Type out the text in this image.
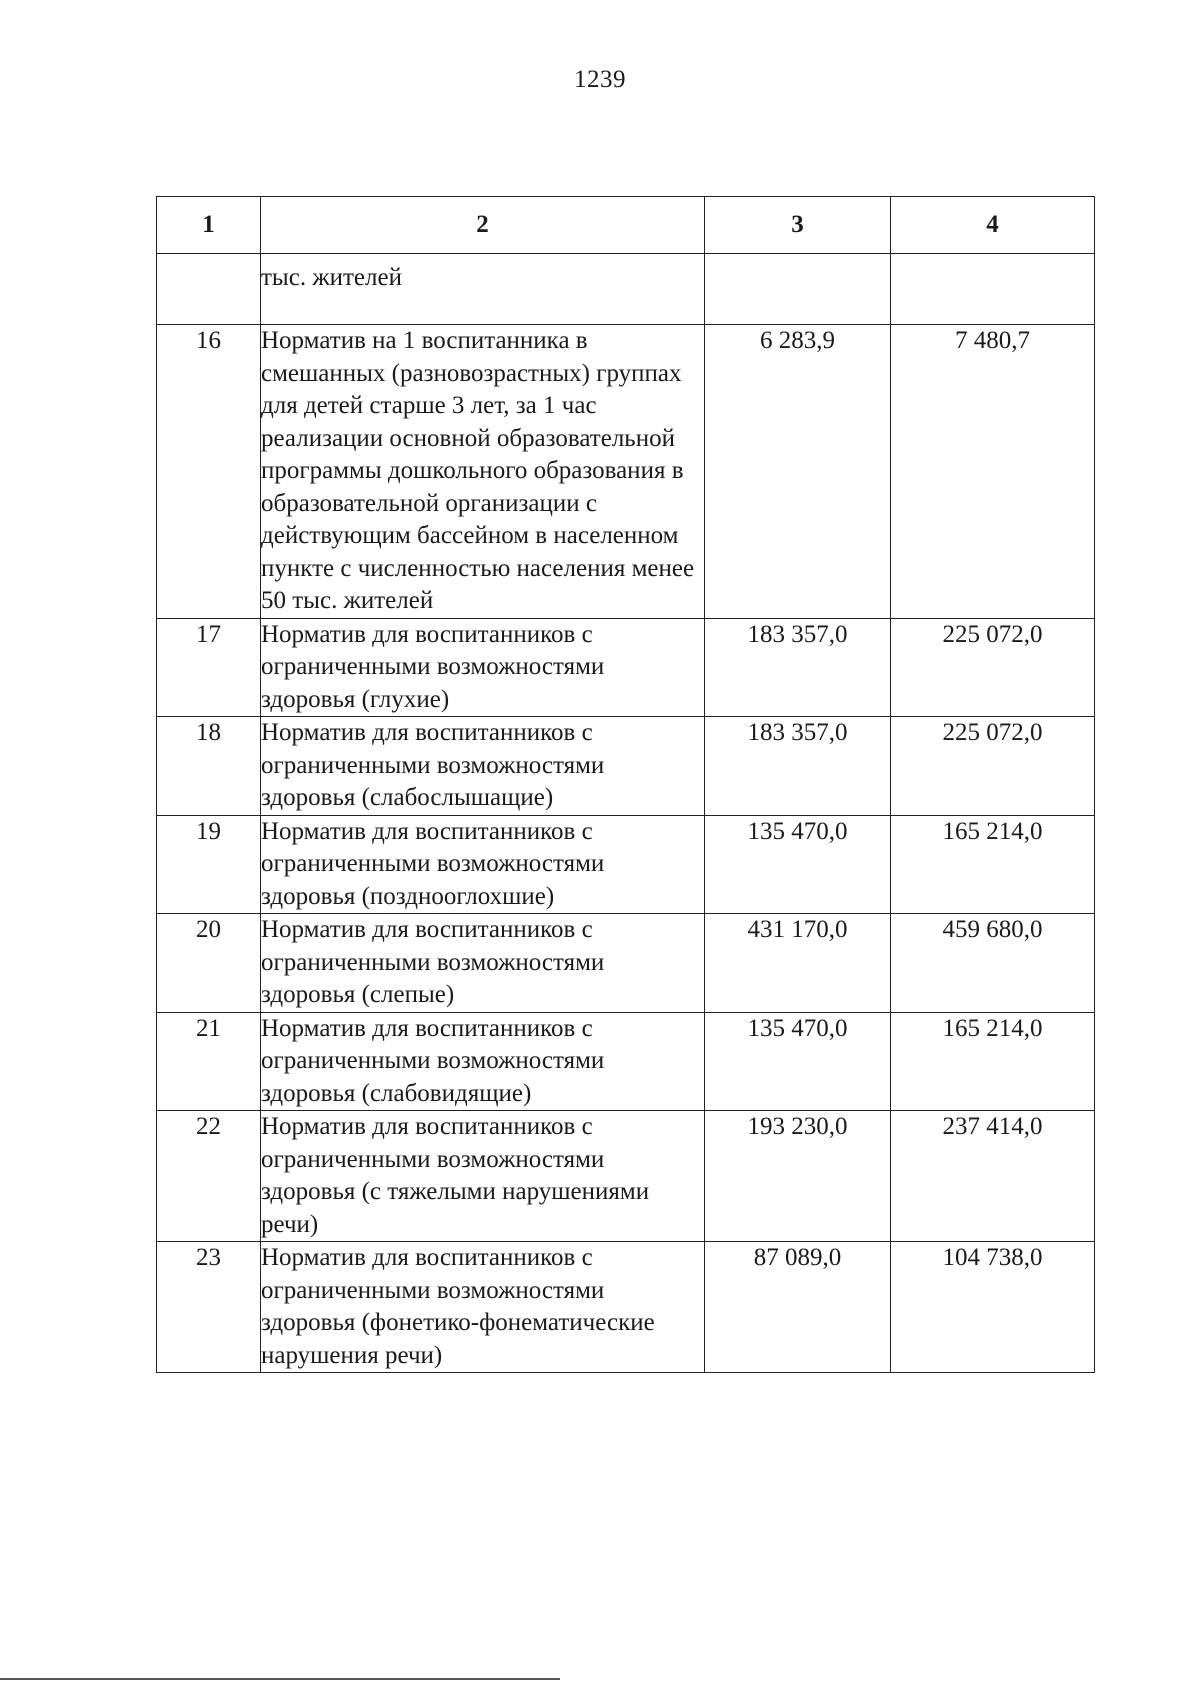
1239
1	2	3	4
	тыс. жителей		
16	Норматив на 1 воспитанника в смешанных (разновозрастных) группах для детей старше 3 лет, за 1 час реализации основной образовательной программы дошкольного образования в образовательной организации с действующим бассейном в населенном пункте с численностью населения менее 50 тыс. жителей	6 283,9	7 480,7
17	Норматив для воспитанников с ограниченными возможностями здоровья (глухие)	183 357,0	225 072,0
18	Норматив для воспитанников с ограниченными возможностями здоровья (слабослышащие)	183 357,0	225 072,0
19	Норматив для воспитанников с ограниченными возможностями здоровья (позднооглохшие)	135 470,0	165 214,0
20	Норматив для воспитанников с ограниченными возможностями здоровья (слепые)	431 170,0	459 680,0
21	Норматив для воспитанников с ограниченными возможностями здоровья (слабовидящие)	135 470,0	165 214,0
22	Норматив для воспитанников с ограниченными возможностями здоровья (с тяжелыми нарушениями речи)	193 230,0	237 414,0
23	Норматив для воспитанников с ограниченными возможностями здоровья (фонетико-фонематические нарушения речи)	87 089,0	104 738,0
